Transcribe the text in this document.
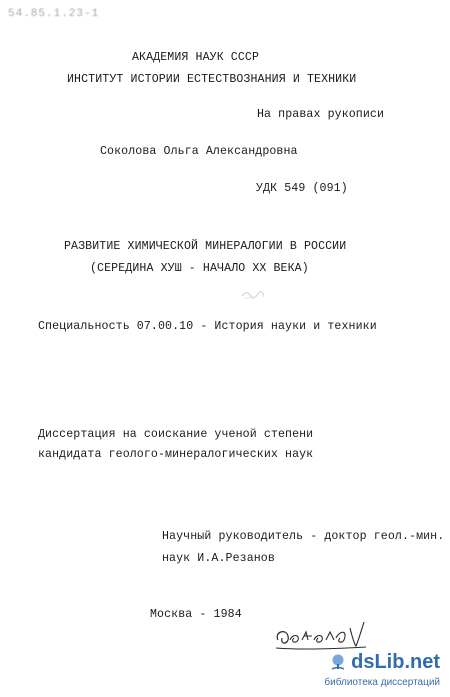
54.85.1.23-1
АКАДЕМИЯ НАУК СССР
ИНСТИТУТ ИСТОРИИ ЕСТЕСТВОЗНАНИЯ И ТЕХНИКИ
На правах рукописи
Соколова Ольга Александровна
УДК 549 (091)
РАЗВИТИЕ ХИМИЧЕСКОЙ МИНЕРАЛОГИИ В РОССИИ
(СЕРЕДИНА ХУШ - НАЧАЛО XX ВЕКА)
Специальность 07.00.10 - История науки и техники
Диссертация на соискание ученой степени
кандидата геолого-минералогических наук
Научный руководитель - доктор геол.-мин.
наук И.А.Резанов
Москва - 1984
ds Lib.net
библиотека диссертаций
